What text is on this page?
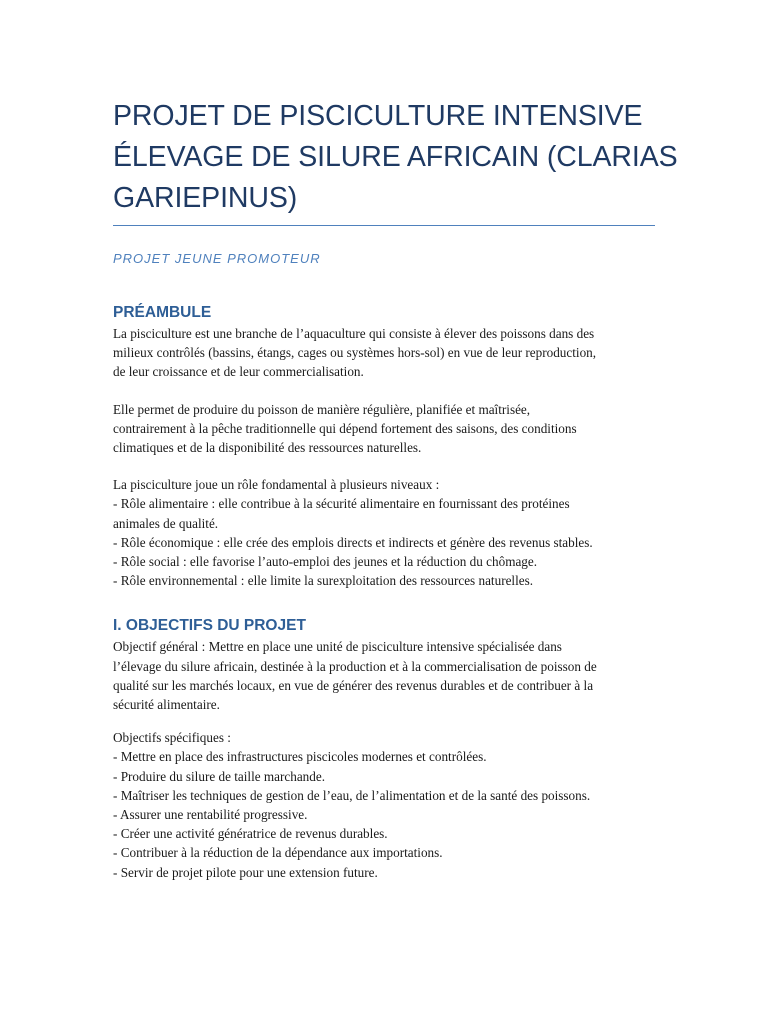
PROJET DE PISCICULTURE INTENSIVE
ÉLEVAGE DE SILURE AFRICAIN (CLARIAS
GARIEPINUS)
PROJET JEUNE PROMOTEUR
PRÉAMBULE

La pisciculture est une branche de l’aquaculture qui consiste à élever des poissons dans des
milieux contrôlés (bassins, étangs, cages ou systèmes hors-sol) en vue de leur reproduction,
de leur croissance et de leur commercialisation.

Elle permet de produire du poisson de manière régulière, planifiée et maîtrisée,
contrairement à la pêche traditionnelle qui dépend fortement des saisons, des conditions
climatiques et de la disponibilité des ressources naturelles.

La pisciculture joue un rôle fondamental à plusieurs niveaux :
- Rôle alimentaire : elle contribue à la sécurité alimentaire en fournissant des protéines
animales de qualité.
- Rôle économique : elle crée des emplois directs et indirects et génère des revenus stables.
- Rôle social : elle favorise l’auto-emploi des jeunes et la réduction du chômage.
- Rôle environnemental : elle limite la surexploitation des ressources naturelles.

I. OBJECTIFS DU PROJET

Objectif général : Mettre en place une unité de pisciculture intensive spécialisée dans
l’élevage du silure africain, destinée à la production et à la commercialisation de poisson de
qualité sur les marchés locaux, en vue de générer des revenus durables et de contribuer à la
sécurité alimentaire.

Objectifs spécifiques :

- Mettre en place des infrastructures piscicoles modernes et contrôlées.
- Produire du silure de taille marchande.
- Maîtriser les techniques de gestion de l’eau, de l’alimentation et de la santé des poissons.
- Assurer une rentabilité progressive.
- Créer une activité génératrice de revenus durables.
- Contribuer à la réduction de la dépendance aux importations.
- Servir de projet pilote pour une extension future.
